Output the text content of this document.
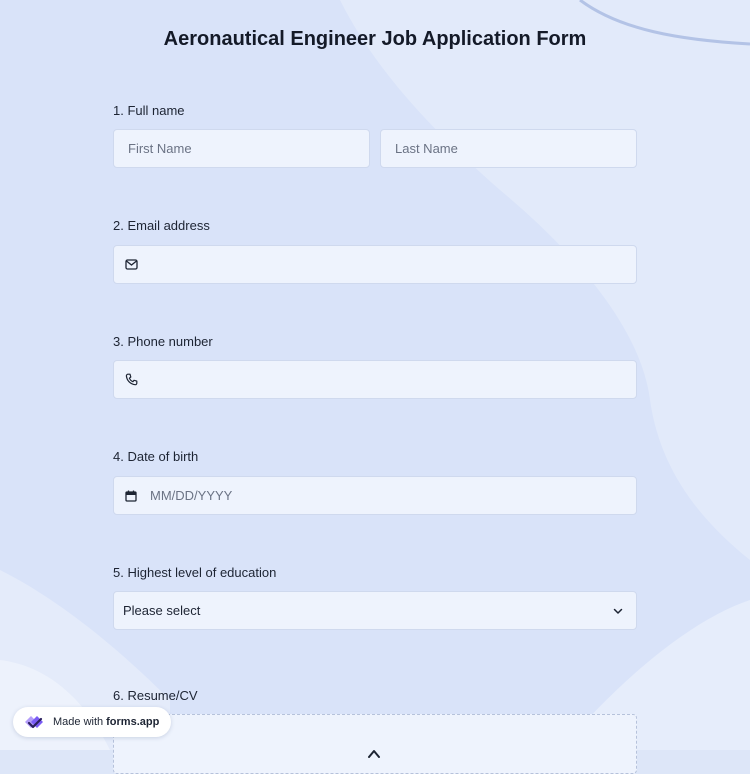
Aeronautical Engineer Job Application Form
1. Full name
First Name	Last Name
2. Email address
3. Phone number
4. Date of birth
MM/DD/YYYY
5. Highest level of education
Please select
6. Resume/CV
Made with forms.app
